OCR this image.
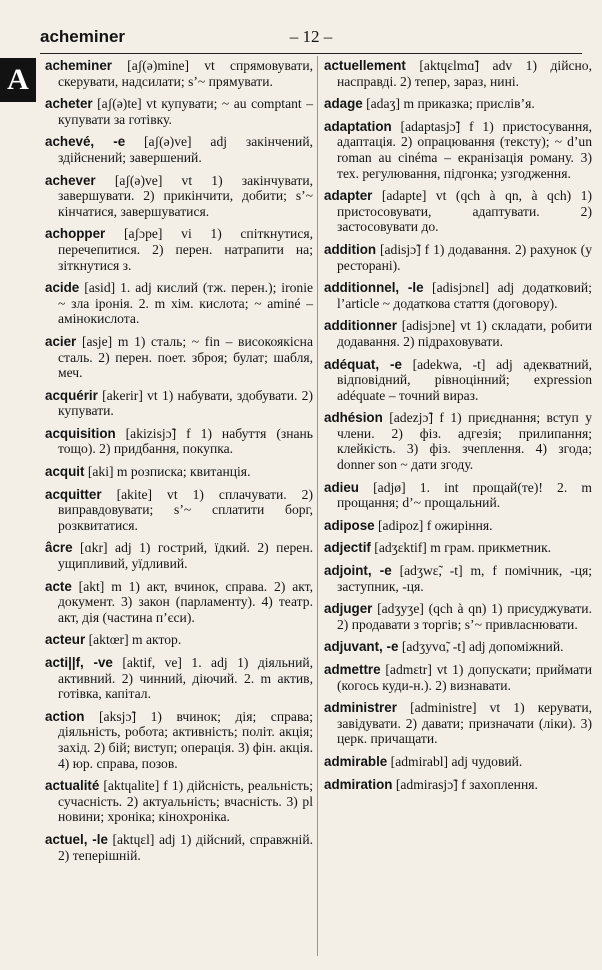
acheminer	– 12 –
A	acheminer [aʃ(ə)mine] vt спрямовувати, скерувати, надсилати; s’~ прямувати.

acheter [aʃ(ə)te] vt купувати; ~ au comptant – купувати за готівку.

achevé, -e [aʃ(ə)ve] adj закінчений, здійснений; завершений.

achever [aʃ(ə)ve] vt 1) закінчувати, завершувати. 2) прикінчити, добити; s’~ кінчатися, завершуватися.

achopper [aʃɔpe] vi 1) спіткнутися, перечепитися. 2) перен. натрапити на; зіткнутися з.

acide [asid] 1. adj кислий (тж. перен.); ironie ~ зла іронія. 2. m хім. кислота; ~ aminé – амінокислота.

acier [asje] m 1) сталь; ~ fin – високоякісна сталь. 2) перен. поет. зброя; булат; шабля, меч.

acquérir [akerir] vt 1) набувати, здобувати. 2) купувати.

acquisition [akizisjɔ̃] f 1) набуття (знань тощо). 2) придбання, покупка.

acquit [aki] m розписка; квитанція.

acquitter [akite] vt 1) сплачувати. 2) виправдовувати; s’~ сплатити борг, розквитатися.

âcre [ɑkr] adj 1) гострий, їдкий. 2) перен. ущипливий, уїдливий.

acte [akt] m 1) акт, вчинок, справа. 2) акт, документ. 3) закон (парламенту). 4) театр. акт, дія (частина п’єси).

acteur [aktœr] m актор.

acti||f, -ve [aktif, ve] 1. adj 1) діяльний, активний. 2) чинний, діючий. 2. m актив, готівка, капітал.

action [aksjɔ̃] 1) вчинок; дія; справа; діяльність, робота; активність; політ. акція; захід. 2) бій; виступ; операція. 3) фін. акція. 4) юр. справа, позов.

actualité [aktɥalite] f 1) дійсність, реальність; сучасність. 2) актуальність; вчасність. 3) pl новини; хроніка; кінохроніка.

actuel, -le [aktɥɛl] adj 1) дійсний, справжній. 2) теперішній.

actuellement [aktɥɛlmɑ̃] adv 1) дійсно, насправді. 2) тепер, зараз, нині.

adage [adaʒ] m приказка; прислів’я.

adaptation [adaptasjɔ̃] f 1) пристосування, адаптація. 2) опрацювання (тексту); ~ d’un roman au cinéma – екранізація роману. 3) тех. регулювання, підгонка; узгодження.

adapter [adapte] vt (qch à qn, à qch) 1) пристосовувати, адаптувати. 2) застосовувати до.

addition [adisjɔ̃] f 1) додавання. 2) рахунок (у ресторані).

additionnel, -le [adisjɔnɛl] adj додатковий; l’article ~ додаткова стаття (договору).

additionner [adisjɔne] vt 1) складати, робити додавання. 2) підраховувати.

adéquat, -e [adekwa, -t] adj адекватний, відповідний, рівноцінний; expression adéquate – точний вираз.

adhésion [adezjɔ̃] f 1) приєднання; вступ у члени. 2) фіз. адгезія; прилипання; клейкість. 3) фіз. зчеплення. 4) згода; donner son ~ дати згоду.

adieu [adjø] 1. int прощай(те)! 2. m прощання; d’~ прощальний.

adipose [adipoz] f ожиріння.

adjectif [adʒɛktif] m грам. прикметник.

adjoint, -e [adʒwɛ̃, -t] m, f помічник, -ця; заступник, -ця.

adjuger [adʒyʒe] (qch à qn) 1) присуджувати. 2) продавати з торгів; s’~ привласнювати.

adjuvant, -e [adʒyvɑ̃, -t] adj допоміжний.

admettre [admɛtr] vt 1) допускати; приймати (когось куди-н.). 2) визнавати.

administrer [administre] vt 1) керувати, завідувати. 2) давати; призначати (ліки). 3) церк. причащати.

admirable [admirabl] adj чудовий.

admiration [admirasjɔ̃] f захоплення.
